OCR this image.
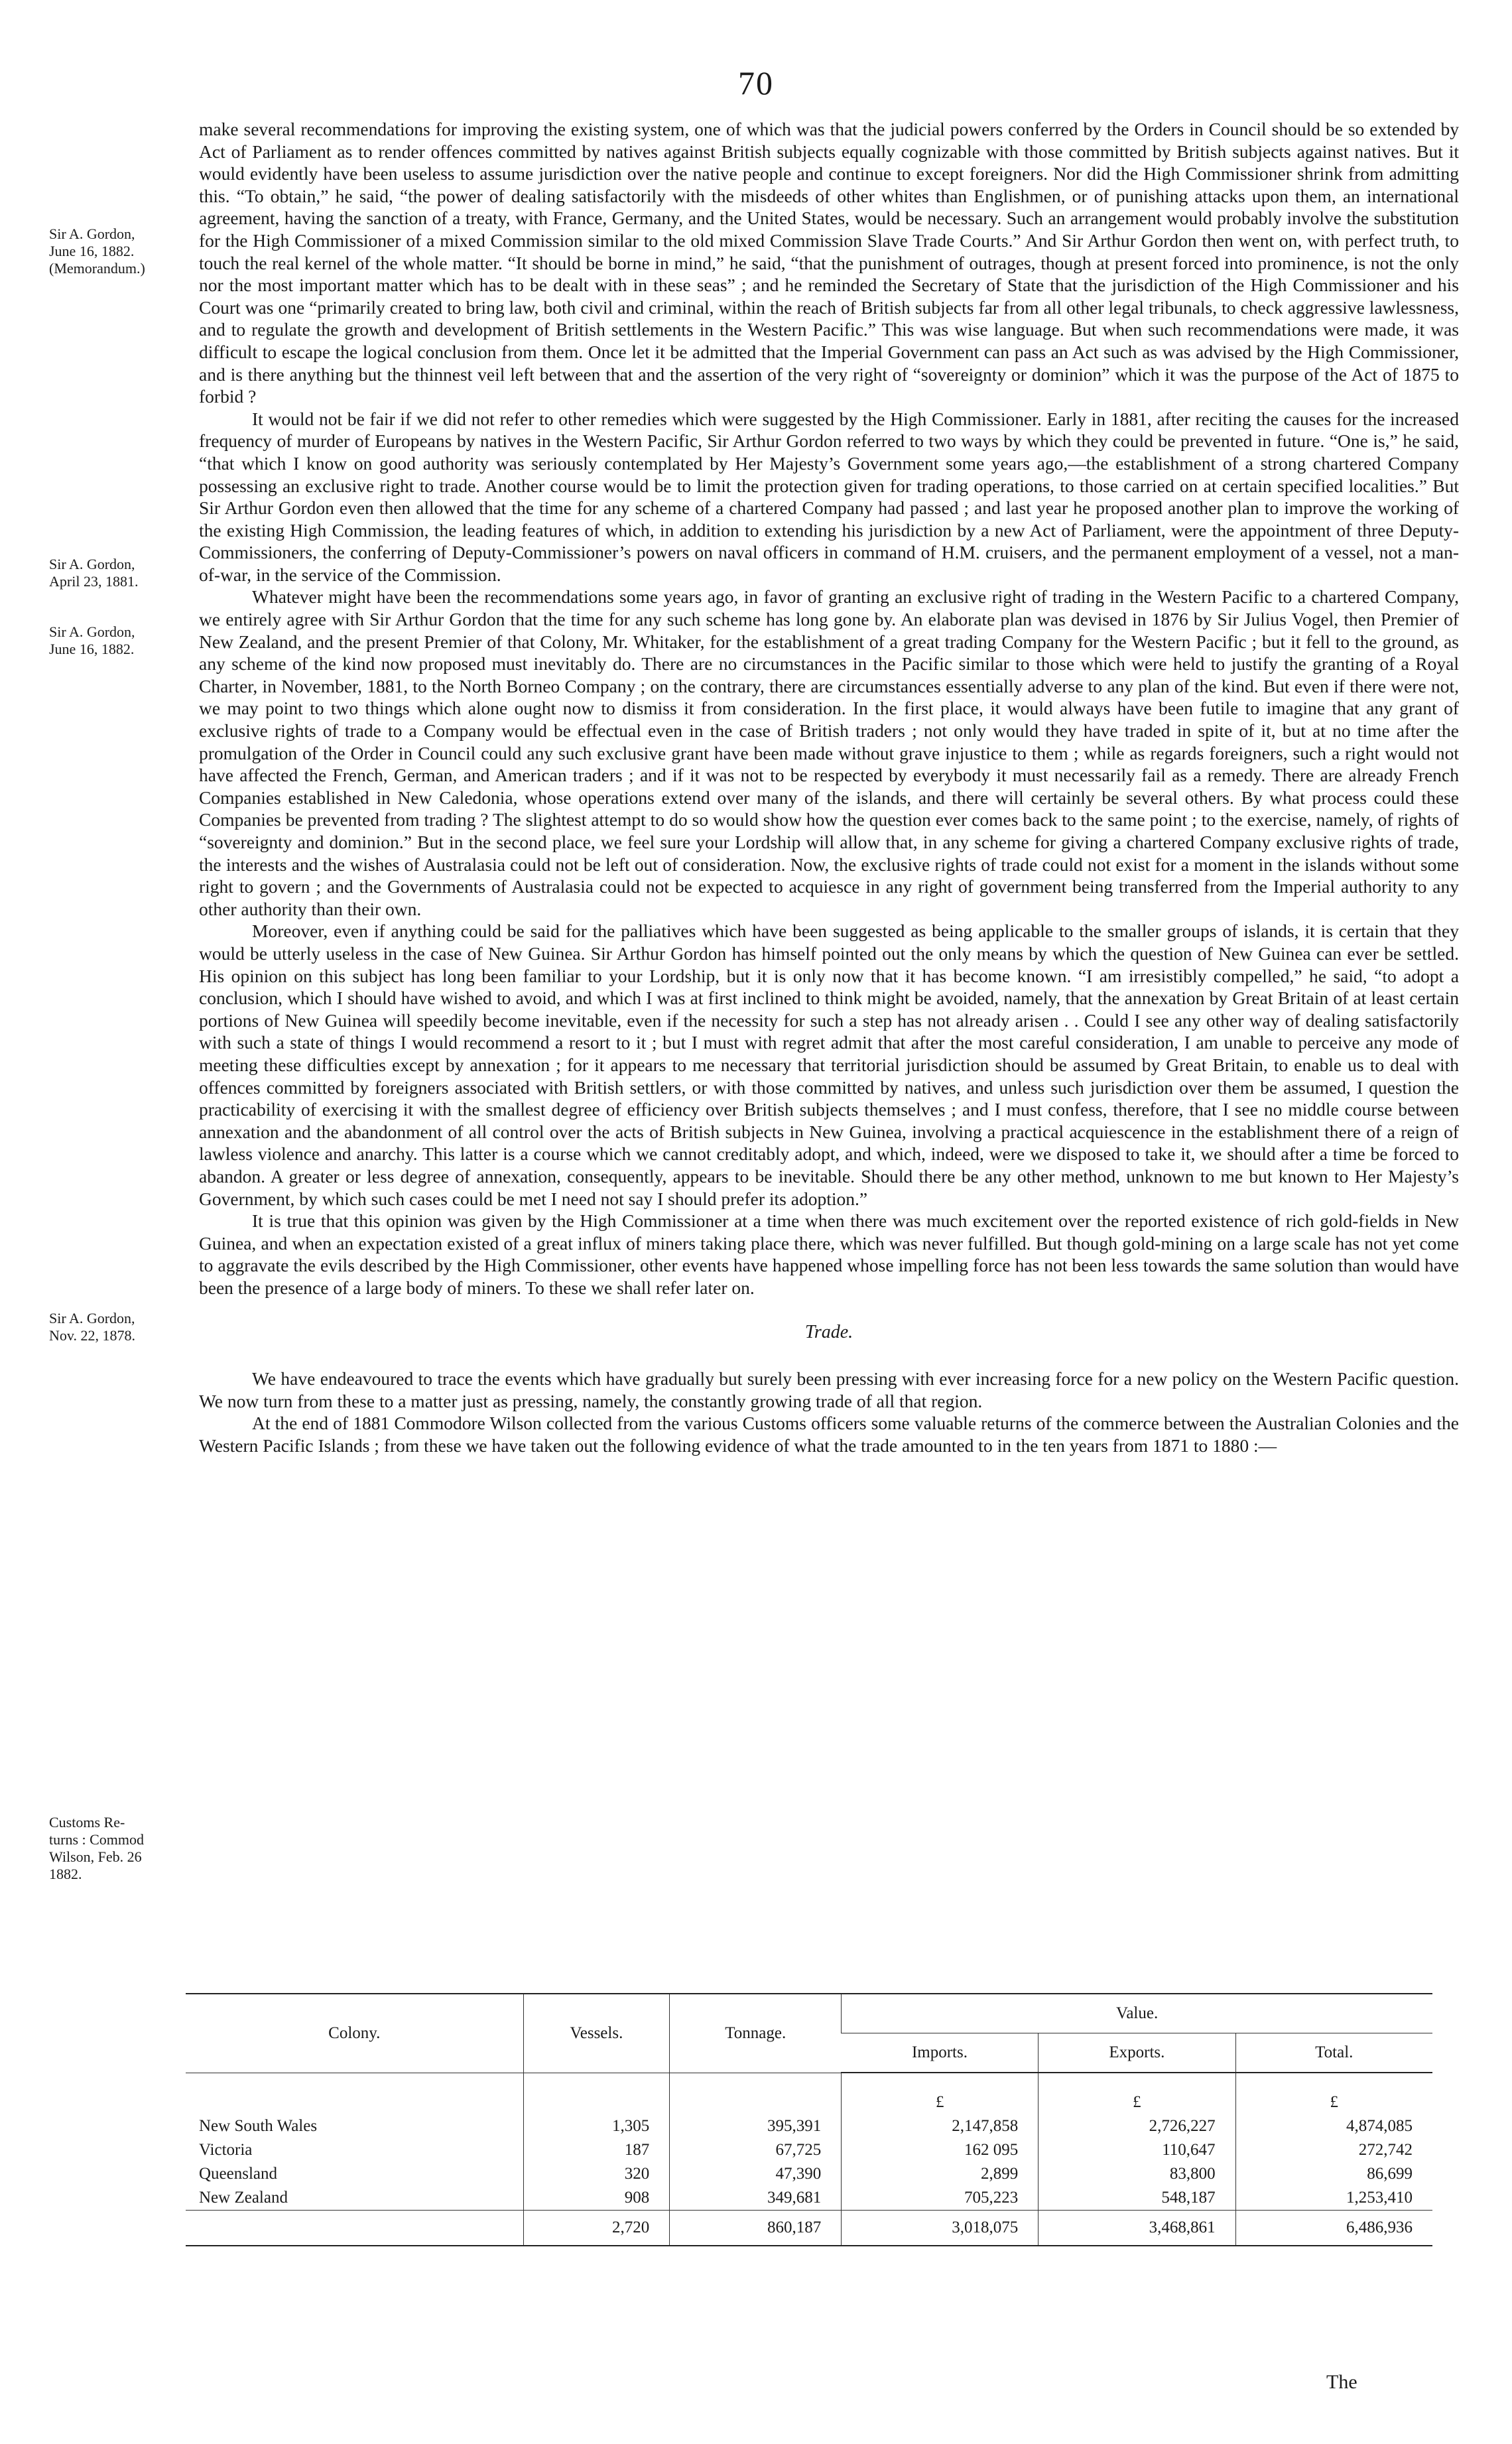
70
Sir A. Gordon,
June 16, 1882.
(Memorandum.)
Sir A. Gordon,
April 23, 1881.
Sir A. Gordon,
June 16, 1882.
Sir A. Gordon,
Nov. 22, 1878.
Customs Re-
turns : Commod
Wilson, Feb. 26
1882.

make several recommendations for improving the existing system, one of which was that the judicial powers conferred by the Orders in Council should be so extended by Act of Parliament as to render offences committed by natives against British subjects equally cognizable with those committed by British subjects against natives. But it would evidently have been useless to assume jurisdiction over the native people and continue to except foreigners. Nor did the High Commissioner shrink from admitting this. “To obtain,” he said, “the power of dealing satisfactorily with the misdeeds of other whites than Englishmen, or of punishing attacks upon them, an international agreement, having the sanction of a treaty, with France, Germany, and the United States, would be necessary. Such an arrangement would probably involve the substitution for the High Commissioner of a mixed Commission similar to the old mixed Commission Slave Trade Courts.” And Sir Arthur Gordon then went on, with perfect truth, to touch the real kernel of the whole matter. “It should be borne in mind,” he said, “that the punishment of outrages, though at present forced into prominence, is not the only nor the most important matter which has to be dealt with in these seas” ; and he reminded the Secretary of State that the jurisdiction of the High Commissioner and his Court was one “primarily created to bring law, both civil and criminal, within the reach of British subjects far from all other legal tribunals, to check aggressive lawlessness, and to regulate the growth and development of British settlements in the Western Pacific.” This was wise language. But when such recommendations were made, it was difficult to escape the logical conclusion from them. Once let it be admitted that the Imperial Government can pass an Act such as was advised by the High Commissioner, and is there anything but the thinnest veil left between that and the assertion of the very right of “sovereignty or dominion” which it was the purpose of the Act of 1875 to forbid ?

It would not be fair if we did not refer to other remedies which were suggested by the High Commissioner. Early in 1881, after reciting the causes for the increased frequency of murder of Europeans by natives in the Western Pacific, Sir Arthur Gordon referred to two ways by which they could be prevented in future. “One is,” he said, “that which I know on good authority was seriously contemplated by Her Majesty’s Government some years ago,—the establishment of a strong chartered Company possessing an exclusive right to trade. Another course would be to limit the protection given for trading operations, to those carried on at certain specified localities.” But Sir Arthur Gordon even then allowed that the time for any scheme of a chartered Company had passed ; and last year he proposed another plan to improve the working of the existing High Commission, the leading features of which, in addition to extending his jurisdiction by a new Act of Parliament, were the appointment of three Deputy-Commissioners, the conferring of Deputy-Commissioner’s powers on naval officers in command of H.M. cruisers, and the permanent employment of a vessel, not a man-of-war, in the service of the Commission.

Whatever might have been the recommendations some years ago, in favor of granting an exclusive right of trading in the Western Pacific to a chartered Company, we entirely agree with Sir Arthur Gordon that the time for any such scheme has long gone by. An elaborate plan was devised in 1876 by Sir Julius Vogel, then Premier of New Zealand, and the present Premier of that Colony, Mr. Whitaker, for the establishment of a great trading Company for the Western Pacific ; but it fell to the ground, as any scheme of the kind now proposed must inevitably do. There are no circumstances in the Pacific similar to those which were held to justify the granting of a Royal Charter, in November, 1881, to the North Borneo Company ; on the contrary, there are circumstances essentially adverse to any plan of the kind. But even if there were not, we may point to two things which alone ought now to dismiss it from consideration. In the first place, it would always have been futile to imagine that any grant of exclusive rights of trade to a Company would be effectual even in the case of British traders ; not only would they have traded in spite of it, but at no time after the promulgation of the Order in Council could any such exclusive grant have been made without grave injustice to them ; while as regards foreigners, such a right would not have affected the French, German, and American traders ; and if it was not to be respected by everybody it must necessarily fail as a remedy. There are already French Companies established in New Caledonia, whose operations extend over many of the islands, and there will certainly be several others. By what process could these Companies be prevented from trading ? The slightest attempt to do so would show how the question ever comes back to the same point ; to the exercise, namely, of rights of “sovereignty and dominion.” But in the second place, we feel sure your Lordship will allow that, in any scheme for giving a chartered Company exclusive rights of trade, the interests and the wishes of Australasia could not be left out of consideration. Now, the exclusive rights of trade could not exist for a moment in the islands without some right to govern ; and the Governments of Australasia could not be expected to acquiesce in any right of government being transferred from the Imperial authority to any other authority than their own.

Moreover, even if anything could be said for the palliatives which have been suggested as being applicable to the smaller groups of islands, it is certain that they would be utterly useless in the case of New Guinea. Sir Arthur Gordon has himself pointed out the only means by which the question of New Guinea can ever be settled. His opinion on this subject has long been familiar to your Lordship, but it is only now that it has become known. “I am irresistibly compelled,” he said, “to adopt a conclusion, which I should have wished to avoid, and which I was at first inclined to think might be avoided, namely, that the annexation by Great Britain of at least certain portions of New Guinea will speedily become inevitable, even if the necessity for such a step has not already arisen . . Could I see any other way of dealing satisfactorily with such a state of things I would recommend a resort to it ; but I must with regret admit that after the most careful consideration, I am unable to perceive any mode of meeting these difficulties except by annexation ; for it appears to me necessary that territorial jurisdiction should be assumed by Great Britain, to enable us to deal with offences committed by foreigners associated with British settlers, or with those committed by natives, and unless such jurisdiction over them be assumed, I question the practicability of exercising it with the smallest degree of efficiency over British subjects themselves ; and I must confess, therefore, that I see no middle course between annexation and the abandonment of all control over the acts of British subjects in New Guinea, involving a practical acquiescence in the establishment there of a reign of lawless violence and anarchy. This latter is a course which we cannot creditably adopt, and which, indeed, were we disposed to take it, we should after a time be forced to abandon. A greater or less degree of annexation, consequently, appears to be inevitable. Should there be any other method, unknown to me but known to Her Majesty’s Government, by which such cases could be met I need not say I should prefer its adoption.”

It is true that this opinion was given by the High Commissioner at a time when there was much excitement over the reported existence of rich gold-fields in New Guinea, and when an expectation existed of a great influx of miners taking place there, which was never fulfilled. But though gold-mining on a large scale has not yet come to aggravate the evils described by the High Commissioner, other events have happened whose impelling force has not been less towards the same solution than would have been the presence of a large body of miners. To these we shall refer later on.

Trade.

We have endeavoured to trace the events which have gradually but surely been pressing with ever increasing force for a new policy on the Western Pacific question. We now turn from these to a matter just as pressing, namely, the constantly growing trade of all that region.

At the end of 1881 Commodore Wilson collected from the various Customs officers some valuable returns of the commerce between the Australian Colonies and the Western Pacific Islands ; from these we have taken out the following evidence of what the trade amounted to in the ten years from 1871 to 1880 :—

Colony.	Vessels.	Tonnage.	Value.		
			Imports.	Exports.	Total.
			£	£	£
New South Wales	1,305	395,391	2,147,858	2,726,227	4,874,085
Victoria	187	67,725	162 095	110,647	272,742
Queensland	320	47,390	2,899	83,800	86,699
New Zealand	908	349,681	705,223	548,187	1,253,410
	2,720	860,187	3,018,075	3,468,861	6,486,936
The
